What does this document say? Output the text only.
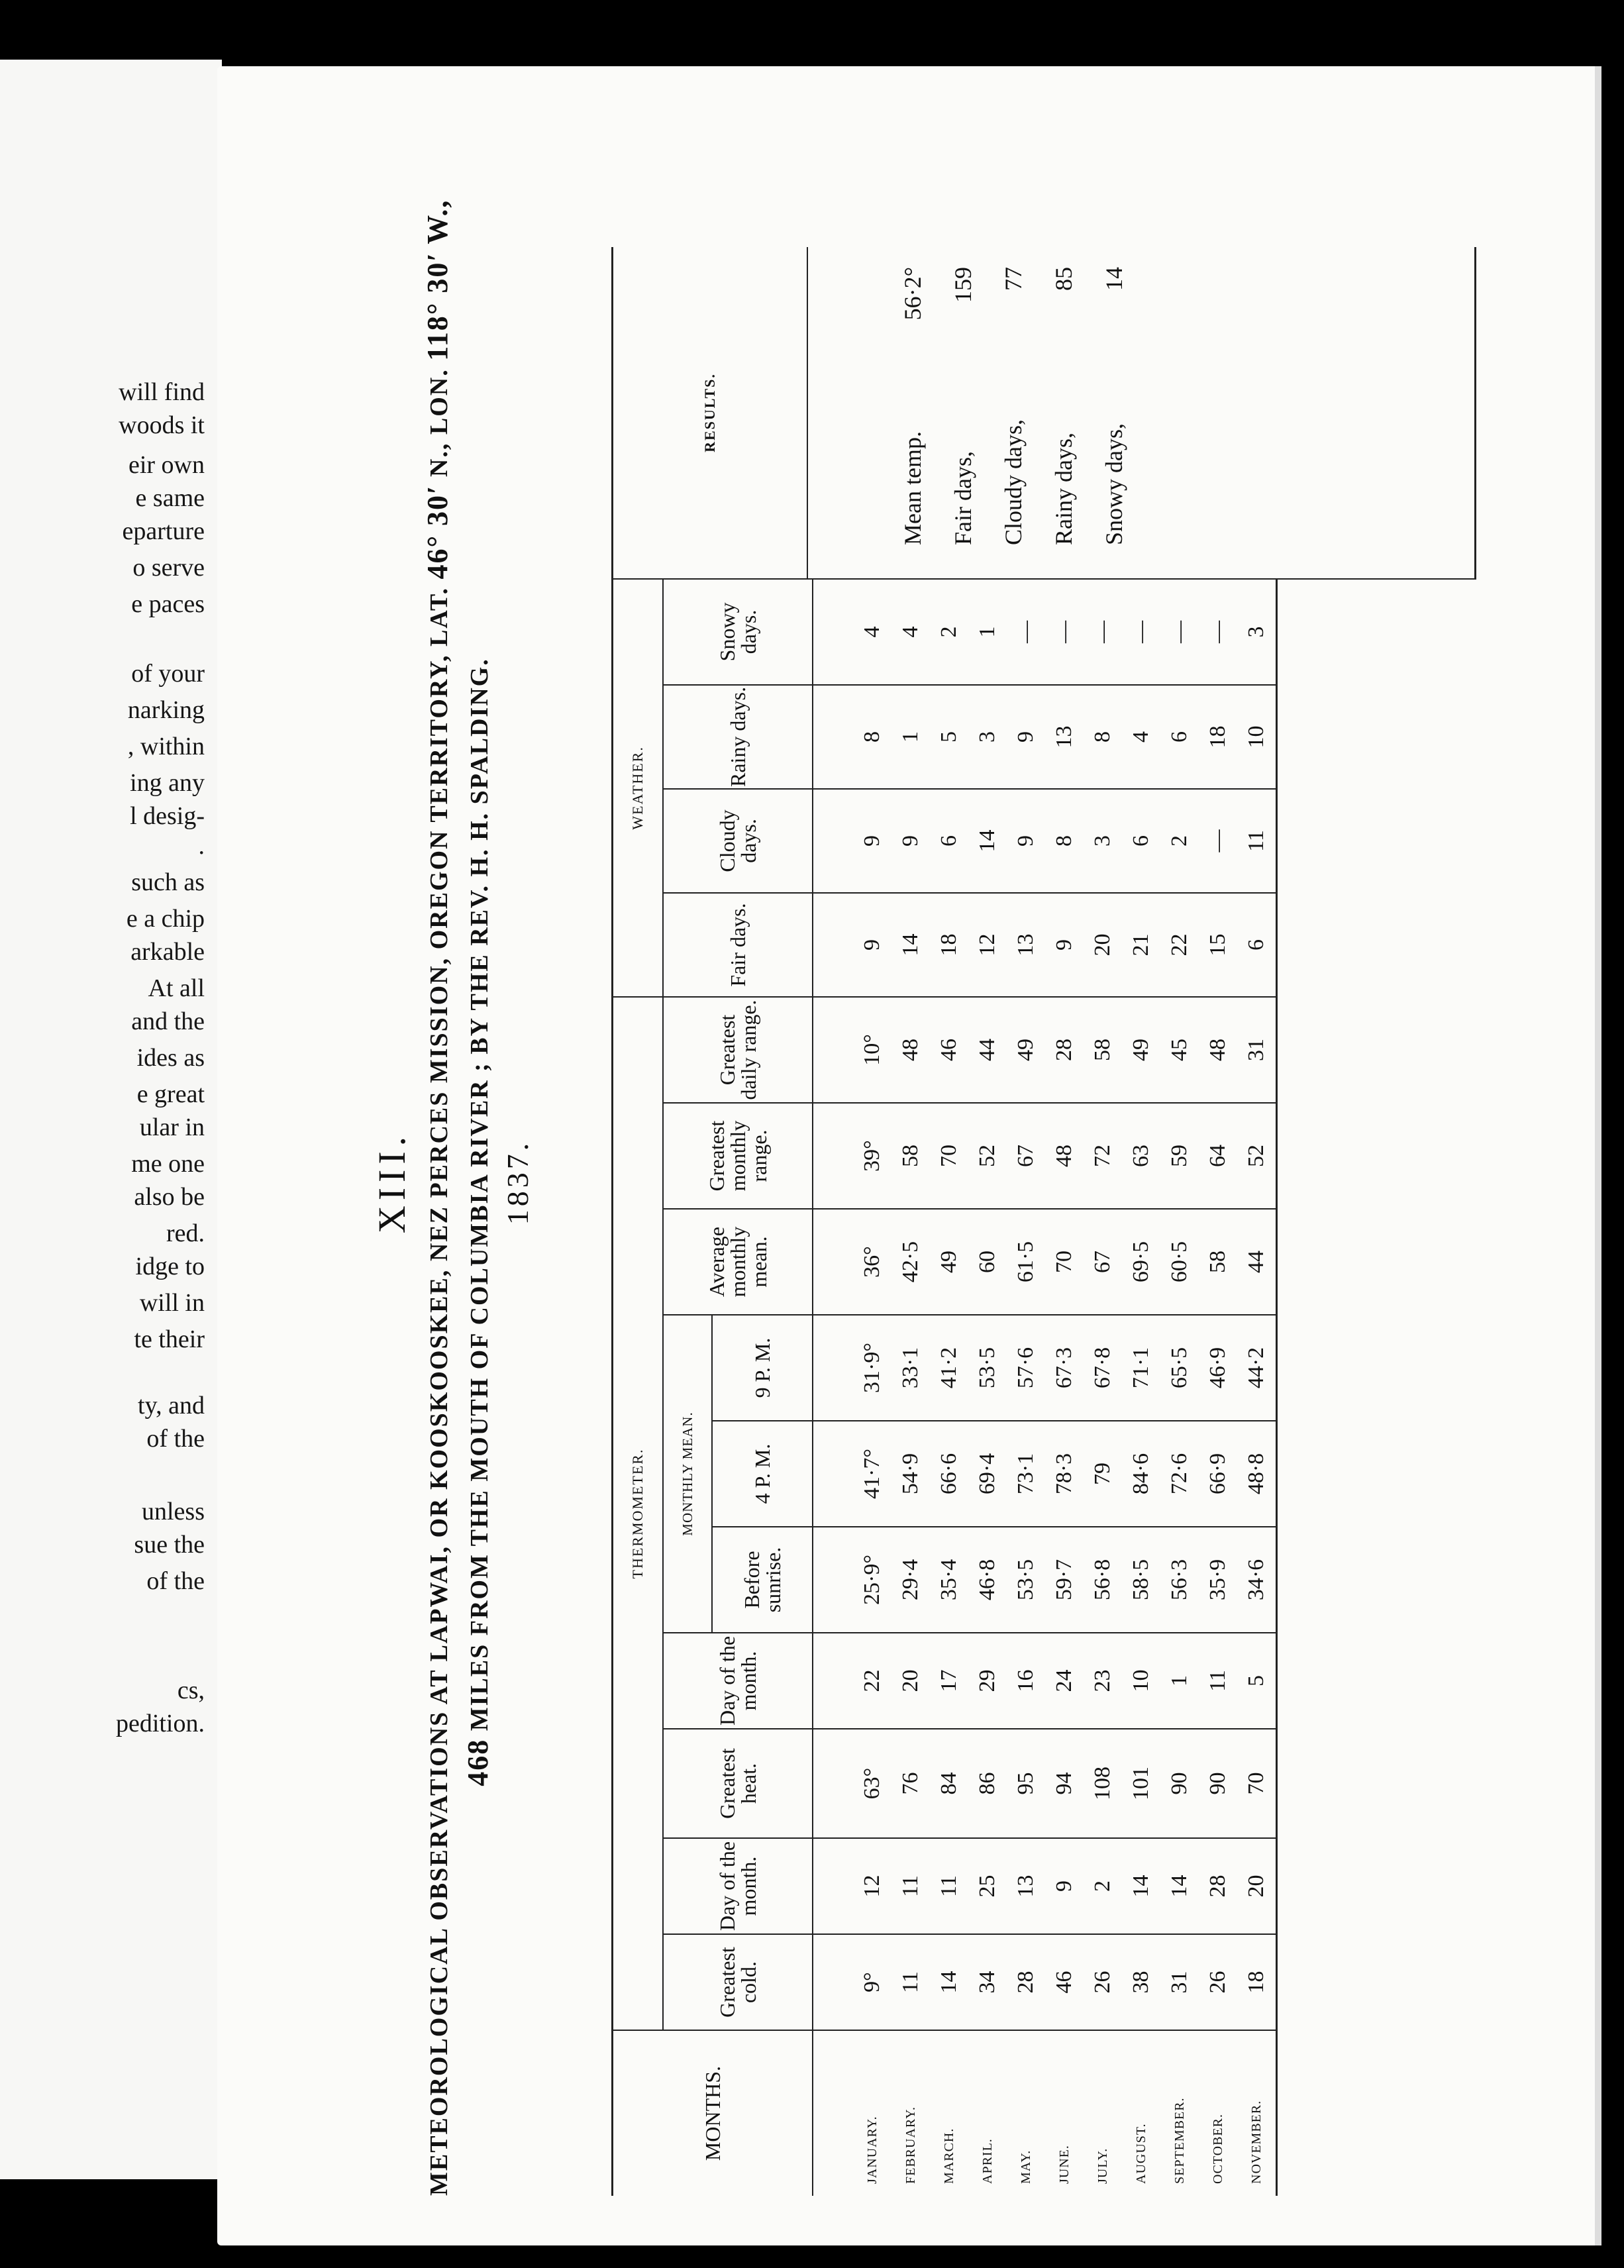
will find
woods it
eir own
e same
eparture
o serve
e paces
of your
narking
, within
ing any
l desig-
.
such as
e a chip
arkable
At all
and the
ides as
e great
ular in
me one
also be
red.
idge to
will in
te their
ty, and
of the
unless
sue the
of the
cs,
pedition.
XIII. METEOROLOGICAL OBSERVATIONS AT LAPWAI, OR KOOSKOOSKEE, NEZ PERCES MISSION, OREGON TERRITORY, LAT. 46° 30′ N., LON. 118° 30′ W.,
468 MILES FROM THE MOUTH OF COLUMBIA RIVER ; BY THE REV. H. H. SPALDING. 1837.
MONTHS.	THERMOMETER.										WEATHER.			
	Greatest cold.	Day of the month.	Greatest heat.	Day of the month.	MONTHLY MEAN.			Average monthly mean.	Greatest monthly range.	Greatest daily range.	Fair days.	Cloudy days.	Rainy days.	Snowy days.
					Before sunrise.	4 P. M.	9 P. M.							
JANUARY.	9°	12	63°	22	25·9°	41·7°	31·9°	36°	39°	10°	9	9	8	4
FEBRUARY.	11	11	76	20	29·4	54·9	33·1	42·5	58	48	14	9	1	4
MARCH.	14	11	84	17	35·4	66·6	41·2	49	70	46	18	6	5	2
APRIL.	34	25	86	29	46·8	69·4	53·5	60	52	44	12	14	3	1
MAY.	28	13	95	16	53·5	73·1	57·6	61·5	67	49	13	9	9	—
JUNE.	46	9	94	24	59·7	78·3	67·3	70	48	28	9	8	13	—
JULY.	26	2	108	23	56·8	79	67·8	67	72	58	20	3	8	—
AUGUST.	38	14	101	10	58·5	84·6	71·1	69·5	63	49	21	6	4	—
SEPTEMBER.	31	14	90	1	56·3	72·6	65·5	60·5	59	45	22	2	6	—
OCTOBER.	26	28	90	11	35·9	66·9	46·9	58	64	48	15	—	18	—
NOVEMBER.	18	20	70	5	34·6	48·8	44·2	44	52	31	6	11	10	3
RESULTS.
Mean temp.
56·2°
Fair days,
159
Cloudy days,
77
Rainy days,
85
Snowy days,
14
